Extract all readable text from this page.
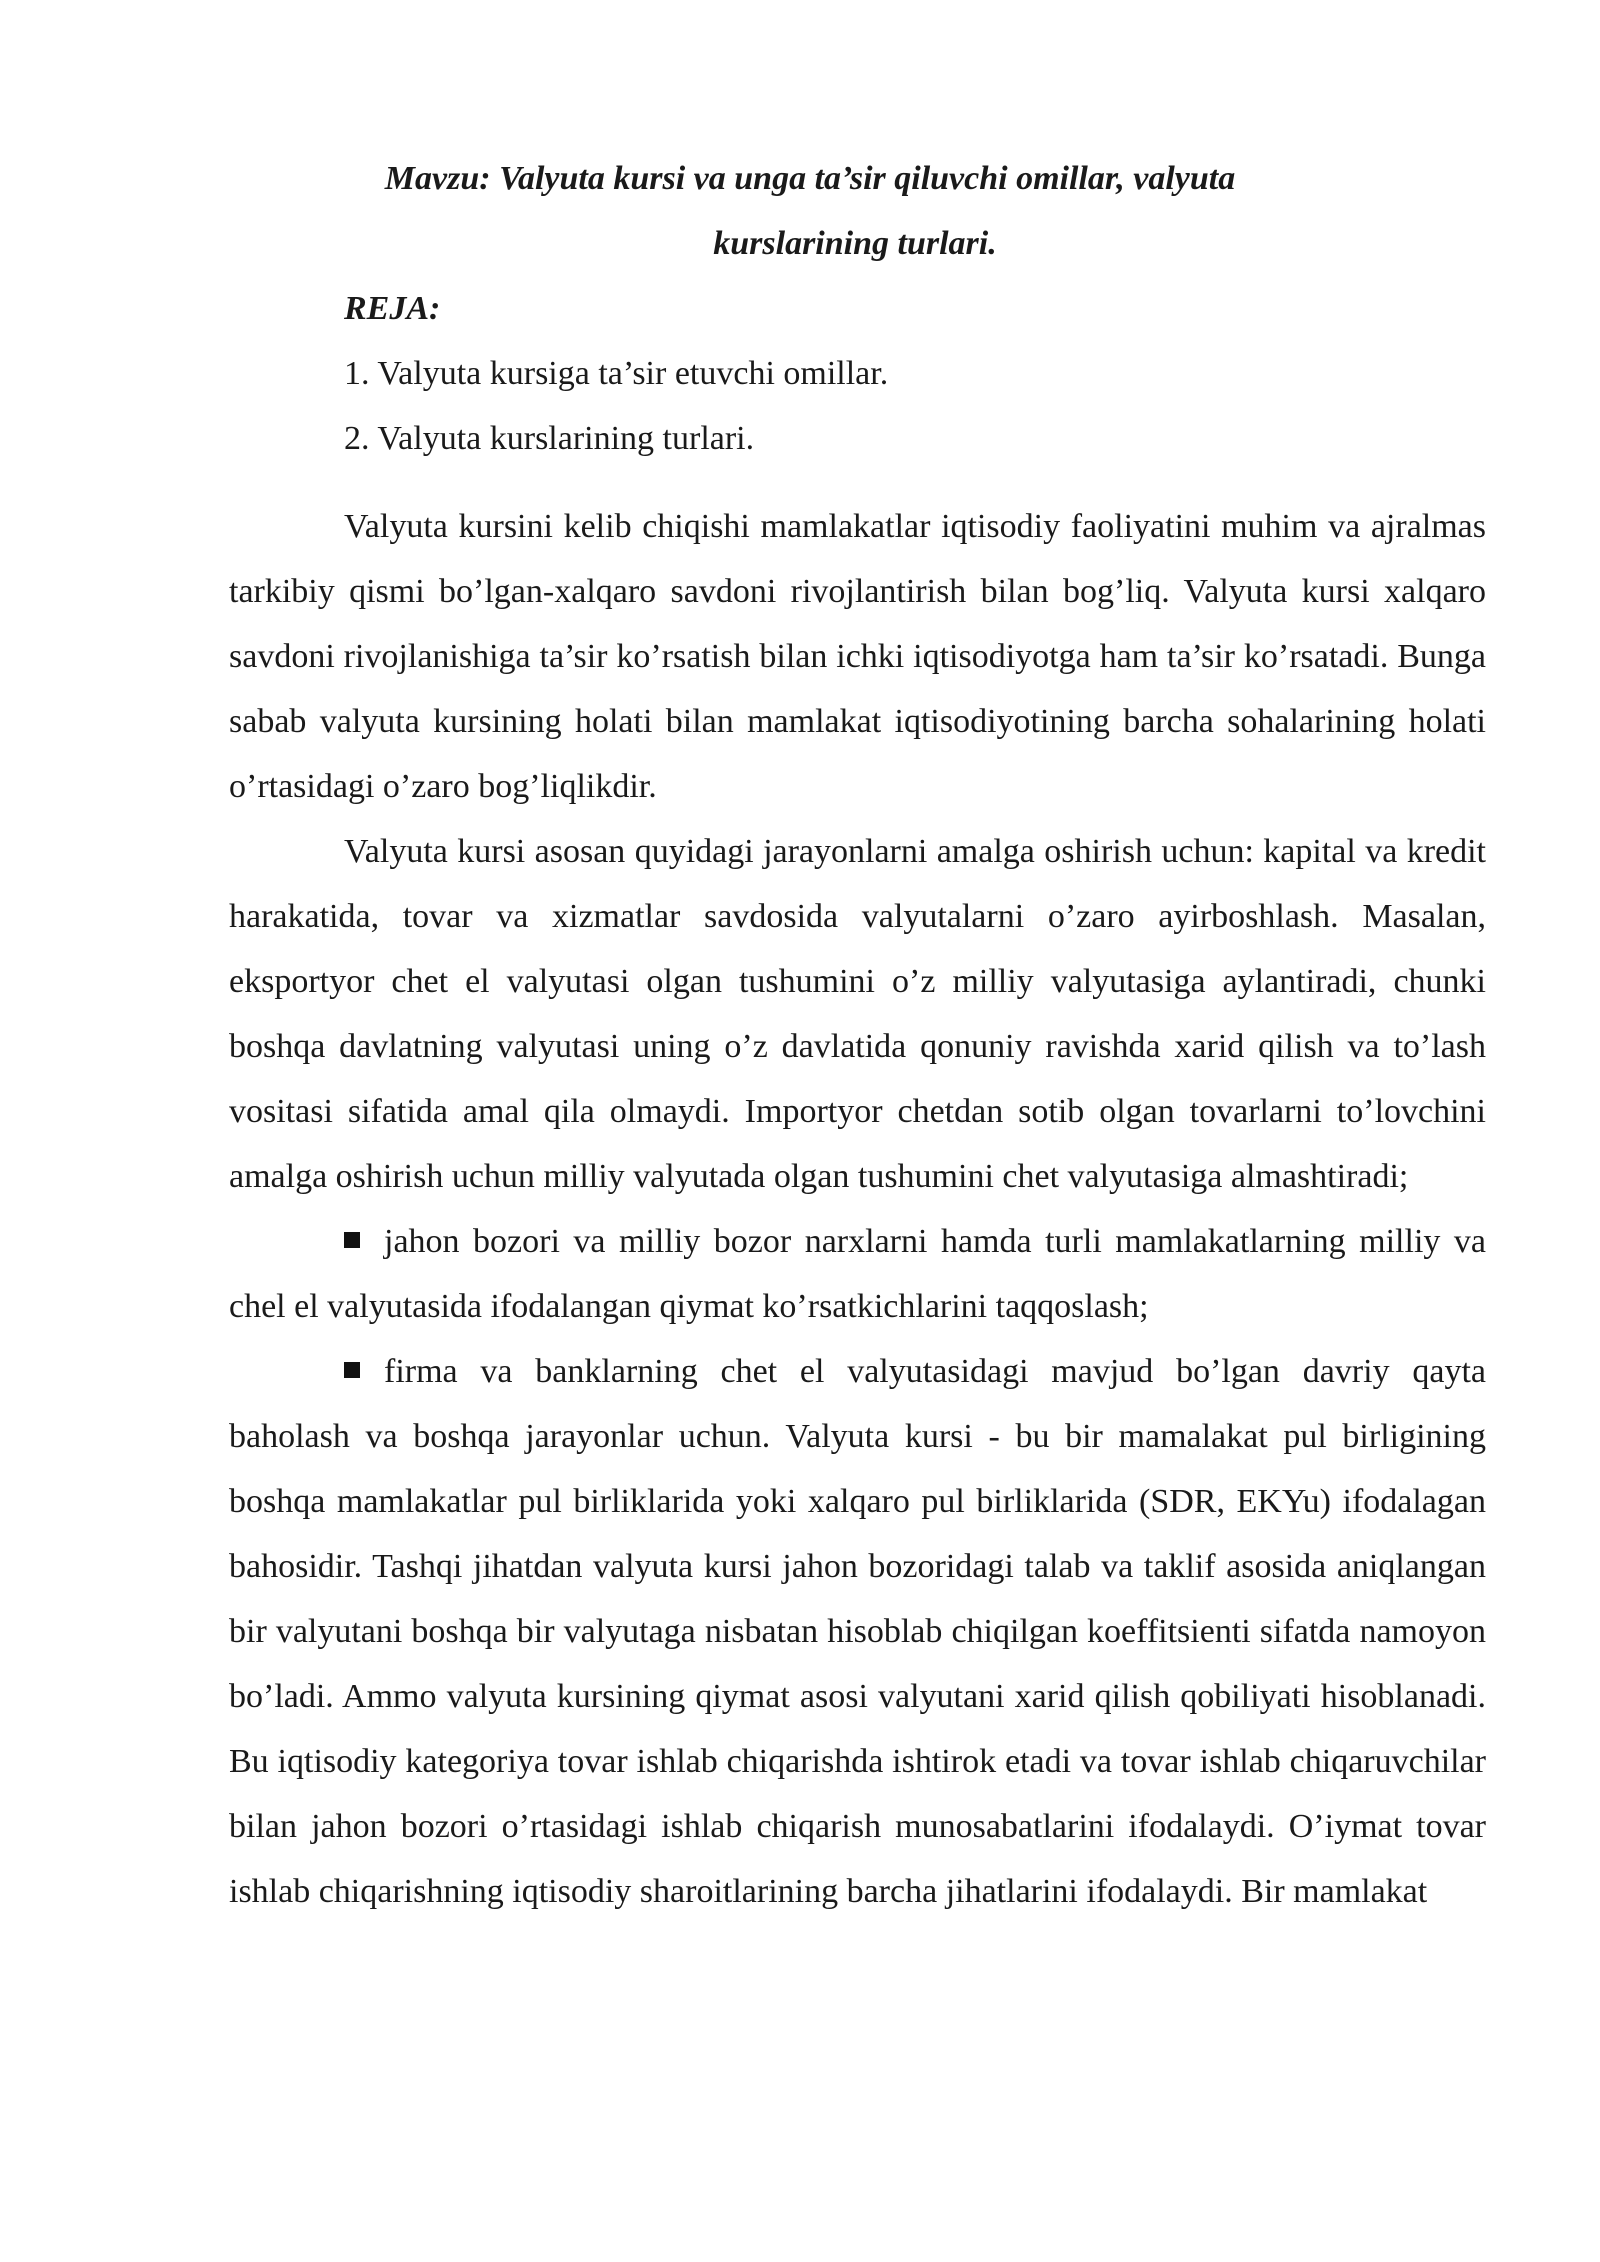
Mavzu: Valyuta kursi va unga ta’sir qiluvchi omillar, valyuta
kurslarining turlari.
REJA:
1. Valyuta kursiga ta’sir etuvchi omillar.
2. Valyuta kurslarining turlari.

Valyuta kursini kelib chiqishi mamlakatlar iqtisodiy faoliyatini muhim va ajralmas tarkibiy qismi bo’lgan-xalqaro savdoni rivojlantirish bilan bog’liq. Valyuta kursi xalqaro savdoni rivojlanishiga ta’sir ko’rsatish bilan ichki iqtisodiyotga ham ta’sir ko’rsatadi. Bunga sabab valyuta kursining holati bilan mamlakat iqtisodiyotining barcha sohalarining holati o’rtasidagi o’zaro bog’liqlikdir.

Valyuta kursi asosan quyidagi jarayonlarni amalga oshirish uchun: kapital va kredit harakatida, tovar va xizmatlar savdosida valyutalarni o’zaro ayirboshlash. Masalan, eksportyor chet el valyutasi olgan tushumini o’z milliy valyutasiga aylantiradi, chunki boshqa davlatning valyutasi uning o’z davlatida qonuniy ravishda xarid qilish va to’lash vositasi sifatida amal qila olmaydi. Importyor chetdan sotib olgan tovarlarni to’lovchini amalga oshirish uchun milliy valyutada olgan tushumini chet valyutasiga almashtiradi;

jahon bozori va milliy bozor narxlarni hamda turli mamlakatlarning milliy va chel el valyutasida ifodalangan qiymat ko’rsatkichlarini taqqoslash;

firma va banklarning chet el valyutasidagi mavjud bo’lgan davriy qayta baholash va boshqa jarayonlar uchun. Valyuta kursi - bu bir mamalakat pul birligining boshqa mamlakatlar pul birliklarida yoki xalqaro pul birliklarida (SDR, EKYu) ifodalagan bahosidir. Tashqi jihatdan valyuta kursi jahon bozoridagi talab va taklif asosida aniqlangan bir valyutani boshqa bir valyutaga nisbatan hisoblab chiqilgan koeffitsienti sifatda namoyon bo’ladi. Ammo valyuta kursining qiymat asosi valyutani xarid qilish qobiliyati hisoblanadi. Bu iqtisodiy kategoriya tovar ishlab chiqarishda ishtirok etadi va tovar ishlab chiqaruvchilar bilan jahon bozori o’rtasidagi ishlab chiqarish munosabatlarini ifodalaydi. O’iymat tovar ishlab chiqarishning iqtisodiy sharoitlarining barcha jihatlarini ifodalaydi. Bir mamlakat
